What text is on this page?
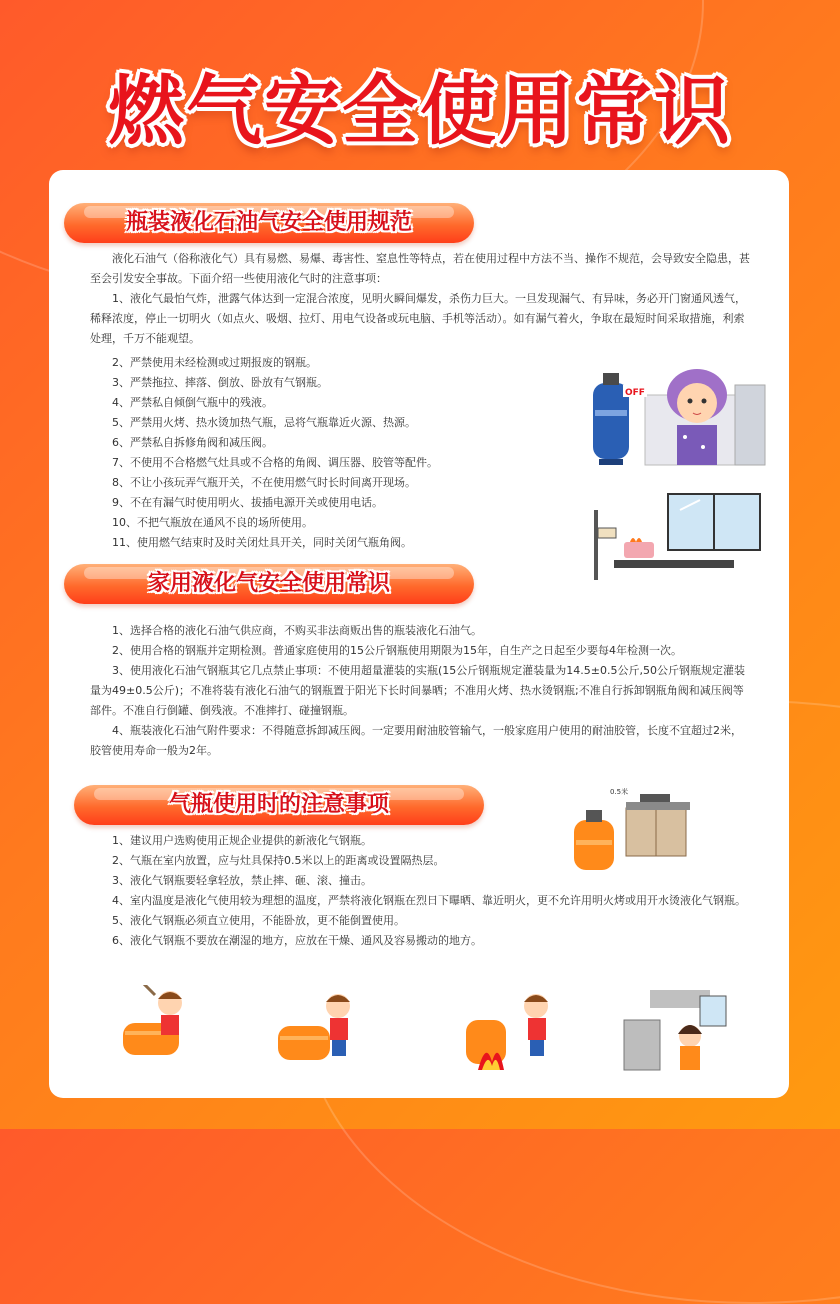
燃气安全使用常识
瓶装液化石油气安全使用规范

液化石油气（俗称液化气）具有易燃、易爆、毒害性、窒息性等特点，若在使用过程中方法不当、操作不规范，会导致安全隐患，甚至会引发安全事故。下面介绍一些使用液化气时的注意事项：

1、液化气最怕气炸，泄露气体达到一定混合浓度，见明火瞬间爆发，杀伤力巨大。一旦发现漏气、有异味，务必开门窗通风透气，稀释浓度，停止一切明火（如点火、吸烟、拉灯、用电气设备或玩电脑、手机等活动）。如有漏气着火，争取在最短时间采取措施，利索处理，千万不能观望。

2、严禁使用未经检测或过期报废的钢瓶。

3、严禁拖拉、摔落、倒放、卧放有气钢瓶。

4、严禁私自倾倒气瓶中的残液。

5、严禁用火烤、热水烫加热气瓶，忌将气瓶靠近火源、热源。

6、严禁私自拆修角阀和减压阀。

7、不使用不合格燃气灶具或不合格的角阀、调压器、胶管等配件。

8、不让小孩玩弄气瓶开关，不在使用燃气时长时间离开现场。

9、不在有漏气时使用明火、拔插电源开关或使用电话。

10、不把气瓶放在通风不良的场所使用。

11、使用燃气结束时及时关闭灶具开关，同时关闭气瓶角阀。

OFF
家用液化气安全使用常识

1、选择合格的液化石油气供应商，不购买非法商贩出售的瓶装液化石油气。

2、使用合格的钢瓶并定期检测。普通家庭使用的15公斤钢瓶使用期限为15年，自生产之日起至少要每4年检测一次。

3、使用液化石油气钢瓶其它几点禁止事项：不使用超量灌装的实瓶(15公斤钢瓶规定灌装量为14.5±0.5公斤,50公斤钢瓶规定灌装量为49±0.5公斤)；不准将装有液化石油气的钢瓶置于阳光下长时间暴晒；不准用火烤、热水烫钢瓶;不准自行拆卸钢瓶角阀和减压阀等部件。不准自行倒罐、倒残液。不准摔打、碰撞钢瓶。

4、瓶装液化石油气附件要求：不得随意拆卸减压阀。一定要用耐油胶管输气，一般家庭用户使用的耐油胶管，长度不宜超过2米，胶管使用寿命一般为2年。

气瓶使用时的注意事项	0.5米

1、建议用户选购使用正规企业提供的新液化气钢瓶。

2、气瓶在室内放置，应与灶具保持0.5米以上的距离或设置隔热层。

3、液化气钢瓶要轻拿轻放，禁止摔、砸、滚、撞击。

4、室内温度是液化气使用较为理想的温度，严禁将液化钢瓶在烈日下曝晒、靠近明火，更不允许用明火烤或用开水烫液化气钢瓶。

5、液化气钢瓶必须直立使用，不能卧放，更不能倒置使用。

6、液化气钢瓶不要放在潮湿的地方，应放在干燥、通风及容易搬动的地方。
